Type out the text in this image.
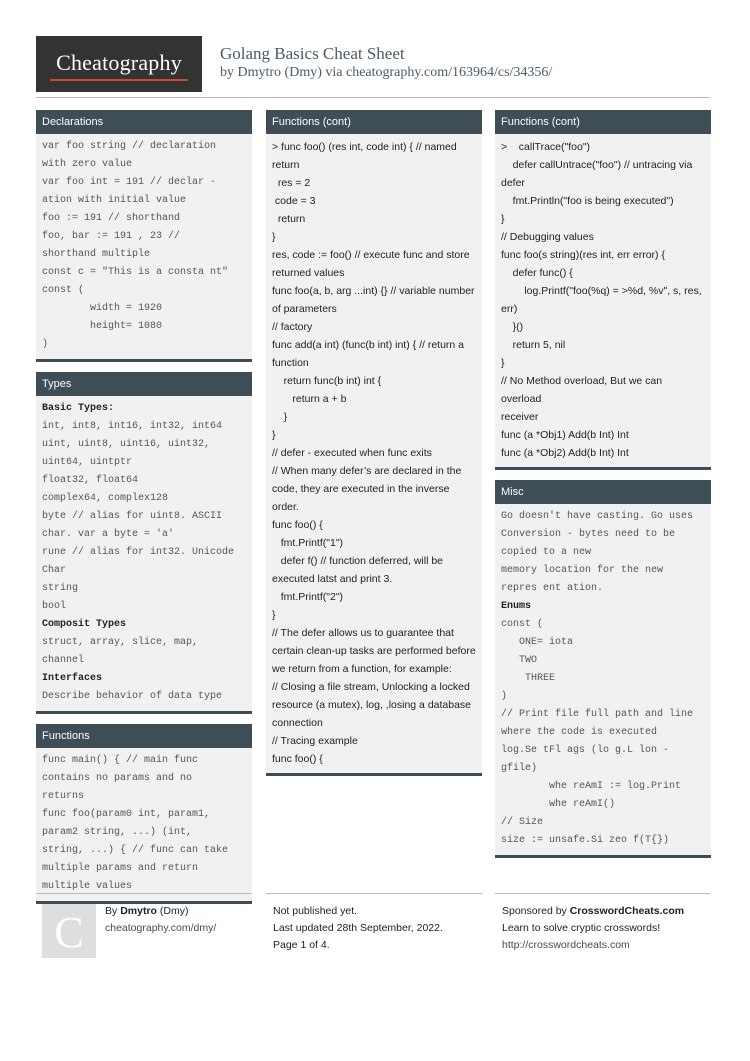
Cheatography	Golang Basics Cheat Sheet
by Dmytro (Dmy) via cheatography.com/163964/cs/34356/
Declarations
var foo string // declaration
with zero value
var foo int = 191 // declar -
ation with initial value
foo := 191 // shorthand
foo, bar := 191 , 23 //
shorthand multiple
const c = "This is a consta nt"
const (
width = 1920
height= 1080
)
Types
Basic Types:
int, int8, int16, int32, int64
uint, uint8, uint16, uint32,
uint64, uintptr
float32, float64
complex64, complex128
byte // alias for uint8. ASCII
char. var a byte = 'a'
rune // alias for int32. Unicode
Char
string
bool
Composit Types
struct, array, slice, map,
channel
Interfaces
Describe behavior of data type
Functions
func main() { // main func
contains no params and no
returns
func foo(param0 int, param1,
param2 string, ...) (int,
string, ...) { // func can take
multiple params and return
multiple values
Functions (cont)
> func foo() (res int, code int) { // named
return
res = 2
code = 3
return
}
res, code := foo() // execute func and store
returned values
func foo(a, b, arg ...int) {} // variable number
of parameters
// factory
func add(a int) (func(b int) int) { // return a
function
return func(b int) int {
return a + b
}
}
// defer - executed when func exits
// When many defer’s are declared in the
code, they are executed in the inverse
order.
func foo() {
fmt.Printf("1")
defer f() // function deferred, will be
executed latst and print 3.
fmt.Printf("2")
}
// The defer allows us to guarantee that
certain clean-up tasks are performed before
we return from a function, for example:
// Closing a file stream, Unlocking a locked
resource (a mutex), log, ,losing a database
connection
// Tracing example
func foo() {
Functions (cont)
>    callTrace("foo")
defer callUntrace("foo") // untracing via
defer
fmt.Println("foo is being executed")
}
// Debugging values
func foo(s string)(res int, err error) {
defer func() {
log.Printf("foo(%q) = >%d, %v", s, res,
err)
}()
return 5, nil
}
// No Method overload, But we can overload
receiver
func (a *Obj1) Add(b Int) Int
func (a *Obj2) Add(b Int) Int
Misc
Go doesn't have casting. Go uses
Conversion - bytes need to be
copied to a new
memory location for the new
repres ent ation.
Enums
const (
ONE= iota
TWO
THREE
)
// Print file full path and line
where the code is executed
log.Se tFl ags (lo g.L lon -
gfile)
whe reAmI := log.Print
whe reAmI()
// Size
size := unsafe.Si zeo f(T{})
C	By Dmytro (Dmy)
cheatography.com/dmy/
Not published yet.
Last updated 28th September, 2022.
Page 1 of 4.
Sponsored by CrosswordCheats.com
Learn to solve cryptic crosswords!
http://crosswordcheats.com
